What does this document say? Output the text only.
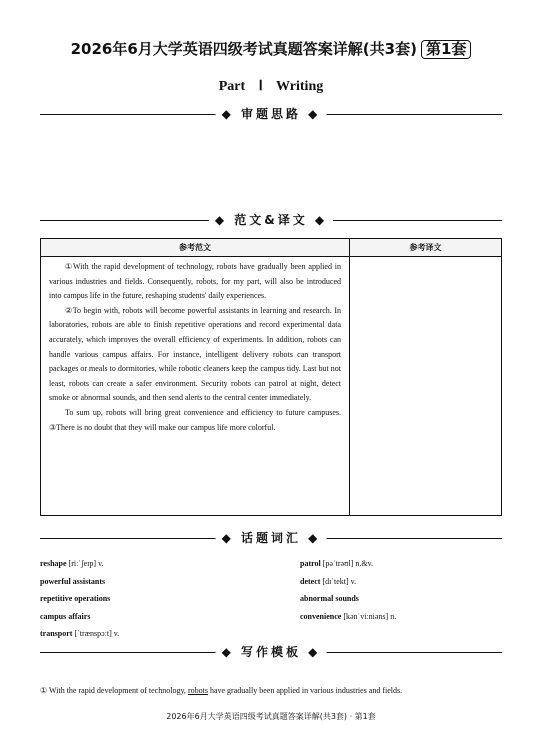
2026年6月大学英语四级考试真题答案详解(共3套) 第1套
Part Ⅰ Writing
◆ 审题思路 ◆
◆ 范文&译文 ◆
参考范文	参考译文

①With the rapid development of technology, robots have gradually been applied in various industries and fields. Consequently, robots, for my part, will also be introduced into campus life in the future, reshaping students' daily experiences.

②To begin with, robots will become powerful assistants in learning and research. In laboratories, robots are able to finish repetitive operations and record experimental data accurately, which improves the overall efficiency of experiments. In addition, robots can handle various campus affairs. For instance, intelligent delivery robots can transport packages or meals to dormitories, while robotic cleaners keep the campus tidy. Last but not least, robots can create a safer environment. Security robots can patrol at night, detect smoke or abnormal sounds, and then send alerts to the central center immediately.

To sum up, robots will bring great convenience and efficiency to future campuses. ③There is no doubt that they will make our campus life more colorful.

◆ 话题词汇 ◆
reshape [riːˈʃeɪp] v.
powerful assistants
repetitive operations
campus affairs
transport [ˈtrænspɔːt] v.
patrol [pəˈtrəʊl] n.&v.
detect [dɪˈtekt] v.
abnormal sounds
convenience [kənˈviːniəns] n.
◆ 写作模板 ◆
① With the rapid development of technology, robots have gradually been applied in various industries and fields.
2026年6月大学英语四级考试真题答案详解(共3套) · 第1套
